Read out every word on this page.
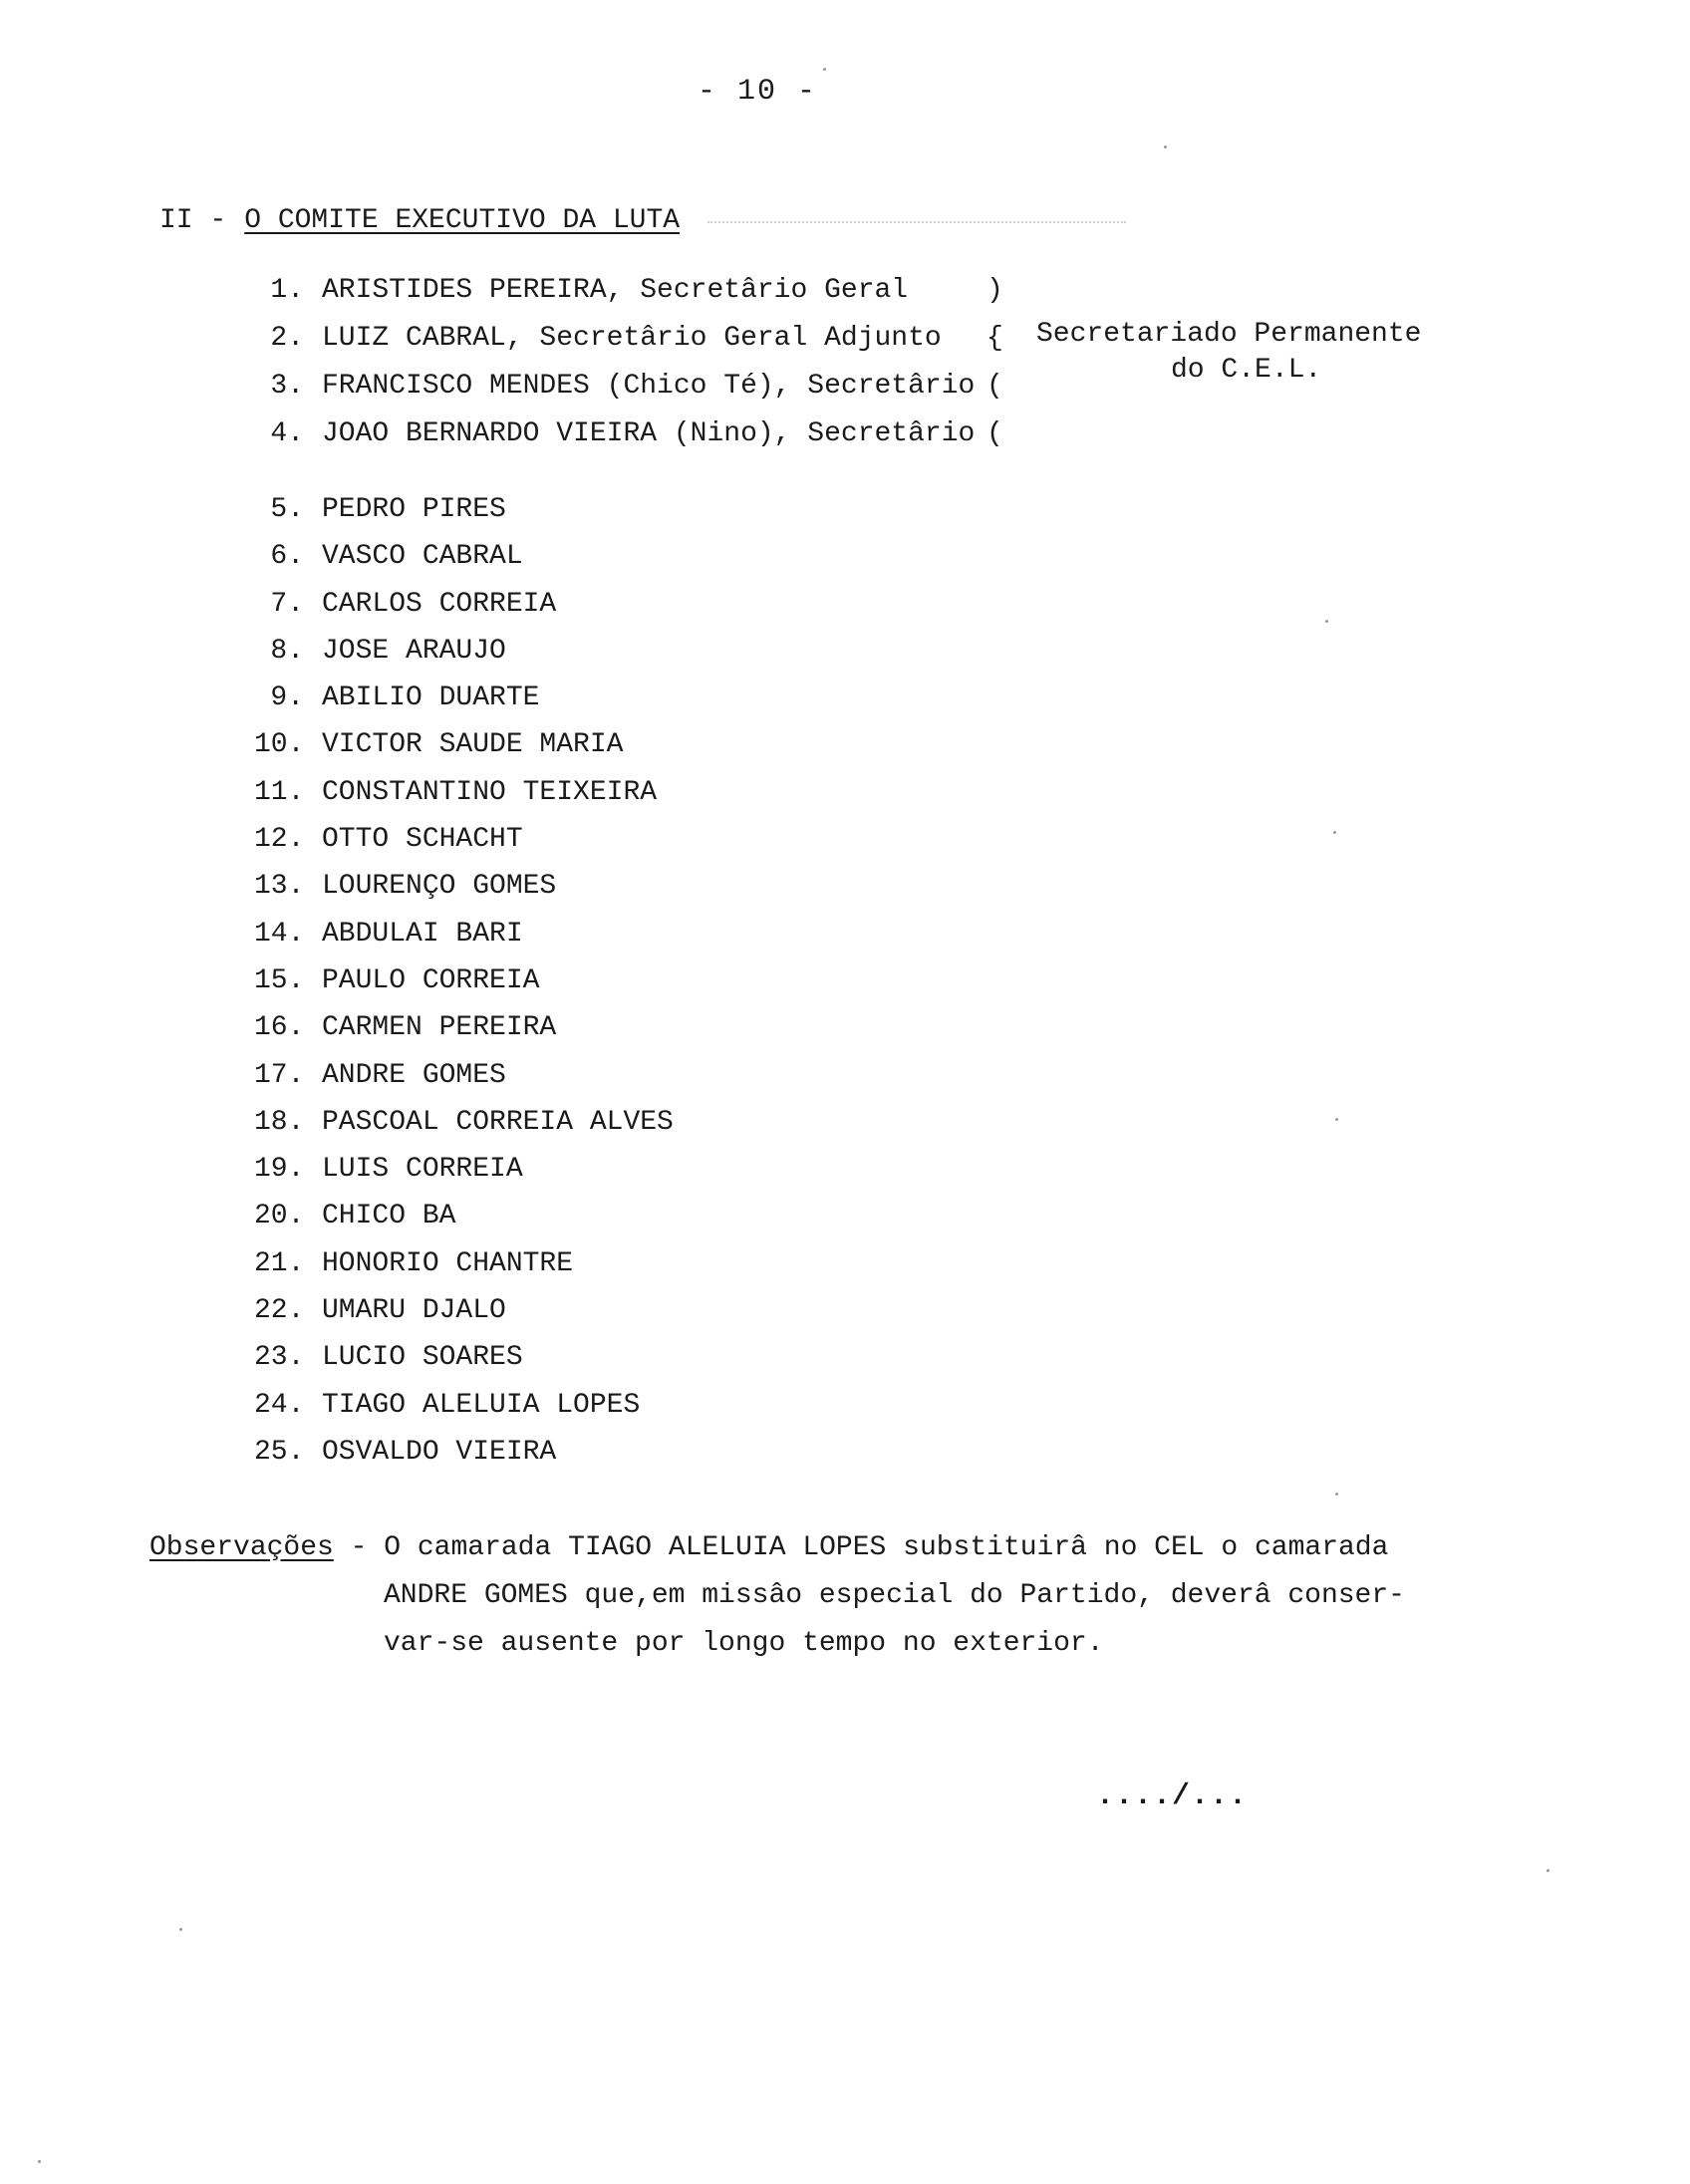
- 10 -
II - O COMITE EXECUTIVO DA LUTA
1. ARISTIDES PEREIRA, Secretârio Geral
2. LUIZ CABRAL, Secretârio Geral Adjunto
3. FRANCISCO MENDES (Chico Té), Secretârio
4. JOAO BERNARDO VIEIRA (Nino), Secretârio
)
{
(
(
Secretariado Permanente
do C.E.L.
5. PEDRO PIRES
6. VASCO CABRAL
7. CARLOS CORREIA
8. JOSE ARAUJO
9. ABILIO DUARTE
10. VICTOR SAUDE MARIA
11. CONSTANTINO TEIXEIRA
12. OTTO SCHACHT
13. LOURENÇO GOMES
14. ABDULAI BARI
15. PAULO CORREIA
16. CARMEN PEREIRA
17. ANDRE GOMES
18. PASCOAL CORREIA ALVES
19. LUIS CORREIA
20. CHICO BA
21. HONORIO CHANTRE
22. UMARU DJALO
23. LUCIO SOARES
24. TIAGO ALELUIA LOPES
25. OSVALDO VIEIRA
Observações - O camarada TIAGO ALELUIA LOPES substituirâ no CEL o camarada
ANDRE GOMES que,em missâo especial do Partido, deverâ conser-
var-se ausente por longo tempo no exterior.
..../...
